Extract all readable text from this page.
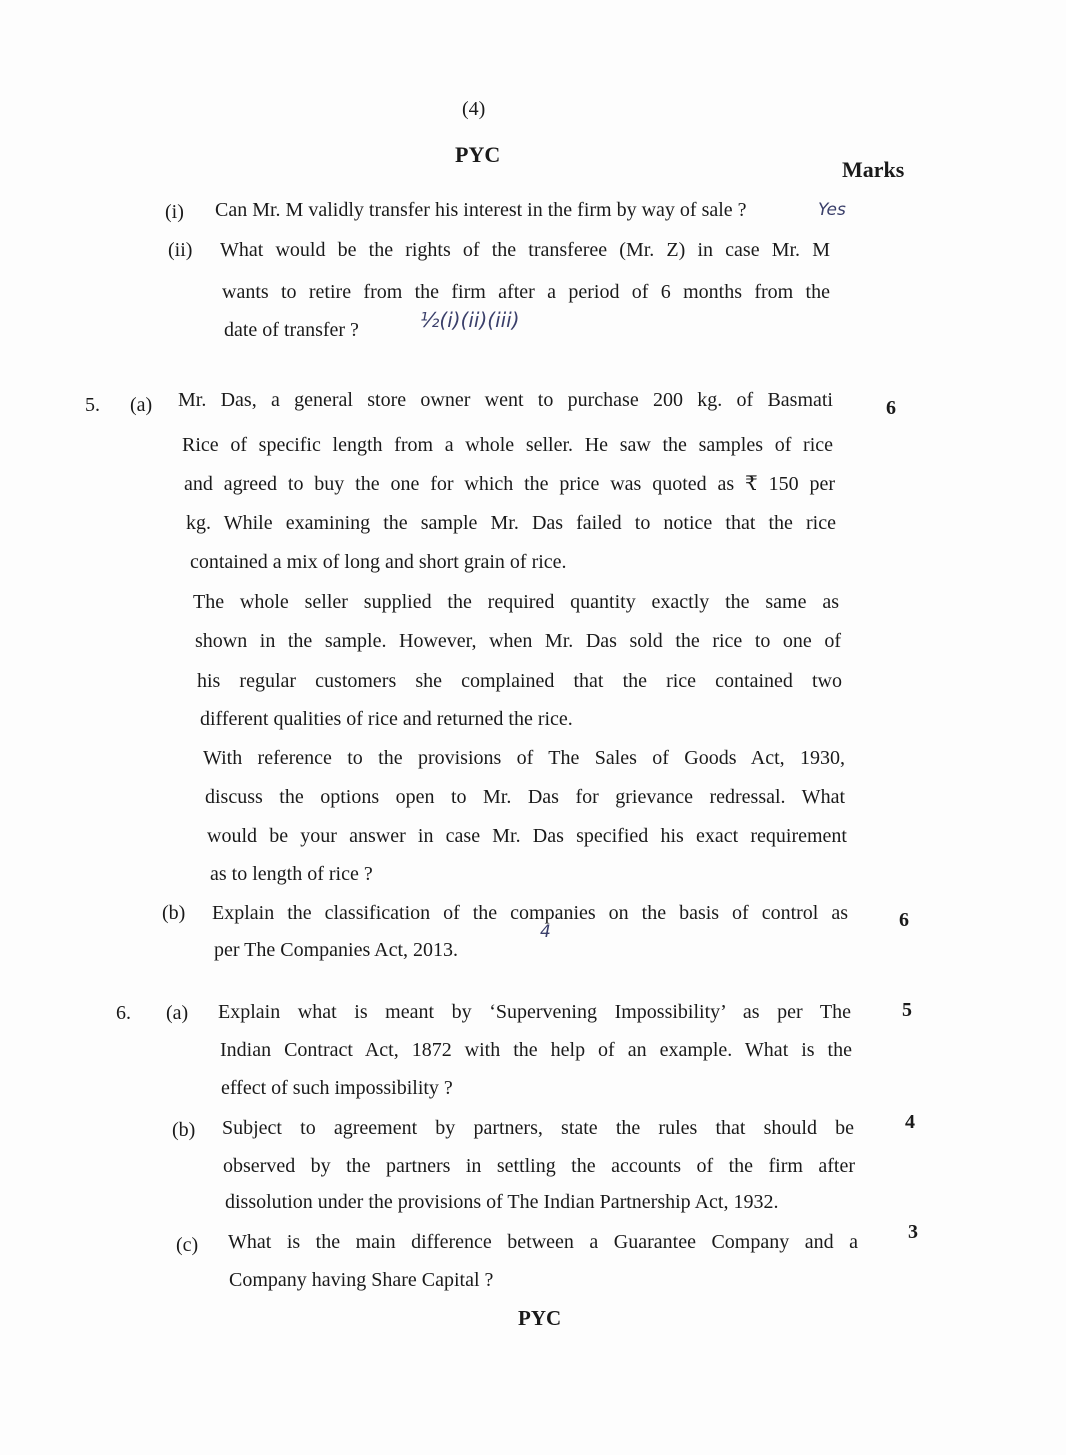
(4)
PYC
Marks
(i) Can Mr. M validly transfer his interest in the firm by way of sale ?	Yes
(ii) What would be the rights of the transferee (Mr. Z) in case Mr. M
wants to retire from the firm after a period of 6 months from the
date of transfer ?	½(i)(ii)(iii)
5. (a)	6
Mr. Das, a general store owner went to purchase 200 kg. of Basmati
Rice of specific length from a whole seller. He saw the samples of rice
and agreed to buy the one for which the price was quoted as ₹ 150 per
kg. While examining the sample Mr. Das failed to notice that the rice
contained a mix of long and short grain of rice.
The whole seller supplied the required quantity exactly the same as
shown in the sample. However, when Mr. Das sold the rice to one of
his regular customers she complained that the rice contained two
different qualities of rice and returned the rice.
With reference to the provisions of The Sales of Goods Act, 1930,
discuss the options open to Mr. Das for grievance redressal. What
would be your answer in case Mr. Das specified his exact requirement
as to length of rice ?
(b)	6
Explain the classification of the companies on the basis of control as
per The Companies Act, 2013.
4
6. (a)	5
Explain what is meant by ‘Supervening Impossibility’ as per The
Indian Contract Act, 1872 with the help of an example. What is the
effect of such impossibility ?
(b)	4
Subject to agreement by partners, state the rules that should be
observed by the partners in settling the accounts of the firm after
dissolution under the provisions of The Indian Partnership Act, 1932.
(c)
3
What is the main difference between a Guarantee Company and a
Company having Share Capital ?
PYC
